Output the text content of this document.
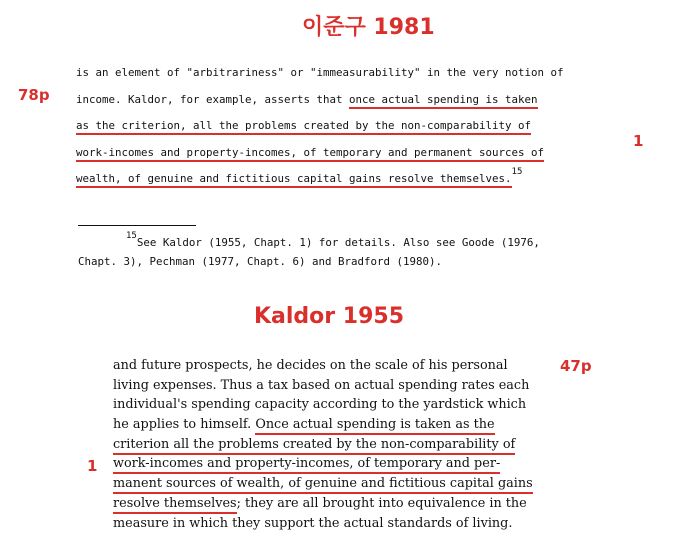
이준구 1981
78p
1
is an element of "arbitrariness" or "immeasurability" in the very notion of
income. Kaldor, for example, asserts that once actual spending is taken
as the criterion, all the problems created by the non-comparability of
work-incomes and property-incomes, of temporary and permanent sources of
wealth, of genuine and fictitious capital gains resolve themselves.$^{15}$
$^{15}$See Kaldor (1955, Chapt. 1) for details. Also see Goode (1976,
Chapt. 3), Pechman (1977, Chapt. 6) and Bradford (1980).
Kaldor 1955
47p
1
and future prospects, he decides on the scale of his personal
living expenses. Thus a tax based on actual spending rates each
individual's spending capacity according to the yardstick which
he applies to himself. Once actual spending is taken as the
criterion all the problems created by the non-comparability of
work-incomes and property-incomes, of temporary and per-
manent sources of wealth, of genuine and fictitious capital gains
resolve themselves; they are all brought into equivalence in the
measure in which they support the actual standards of living.
